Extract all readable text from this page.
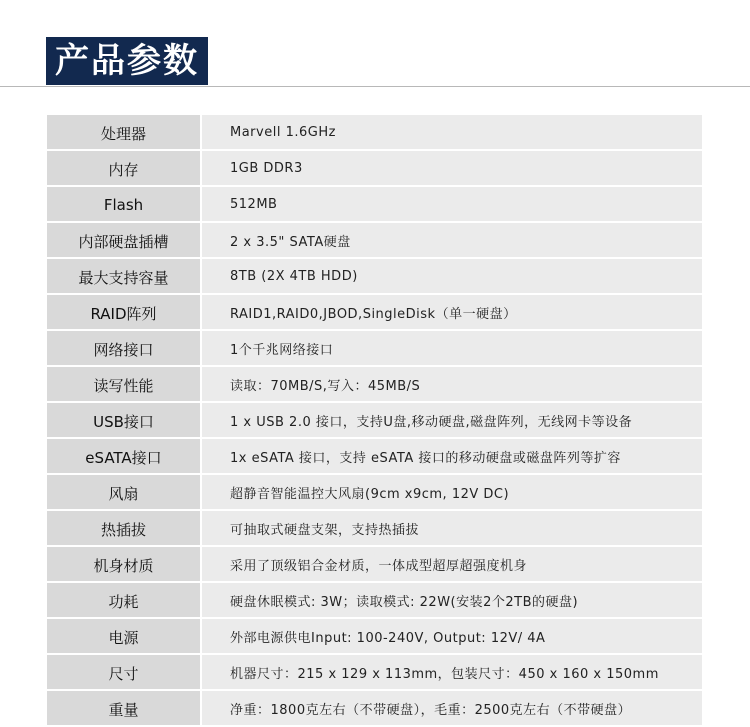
产品参数
处理器		Marvell 1.6GHz
内存		1GB DDR3
Flash		512MB
内部硬盘插槽		2 x 3.5" SATA硬盘
最大支持容量		8TB (2X 4TB HDD)
RAID阵列		RAID1,RAID0,JBOD,SingleDisk（单一硬盘）
网络接口		1个千兆网络接口
读写性能		读取：70MB/S,写入：45MB/S
USB接口		1 x USB 2.0 接口，支持U盘,移动硬盘,磁盘阵列，无线网卡等设备
eSATA接口		1x eSATA 接口，支持 eSATA 接口的移动硬盘或磁盘阵列等扩容
风扇		超静音智能温控大风扇(9cm x9cm, 12V DC)
热插拔		可抽取式硬盘支架，支持热插拔
机身材质		采用了顶级铝合金材质，一体成型超厚超强度机身
功耗		硬盘休眠模式: 3W；读取模式: 22W(安装2个2TB的硬盘)
电源		外部电源供电Input: 100-240V, Output: 12V/ 4A
尺寸		机器尺寸：215 x 129 x 113mm，包装尺寸：450 x 160 x 150mm
重量		净重：1800克左右（不带硬盘），毛重：2500克左右（不带硬盘）
